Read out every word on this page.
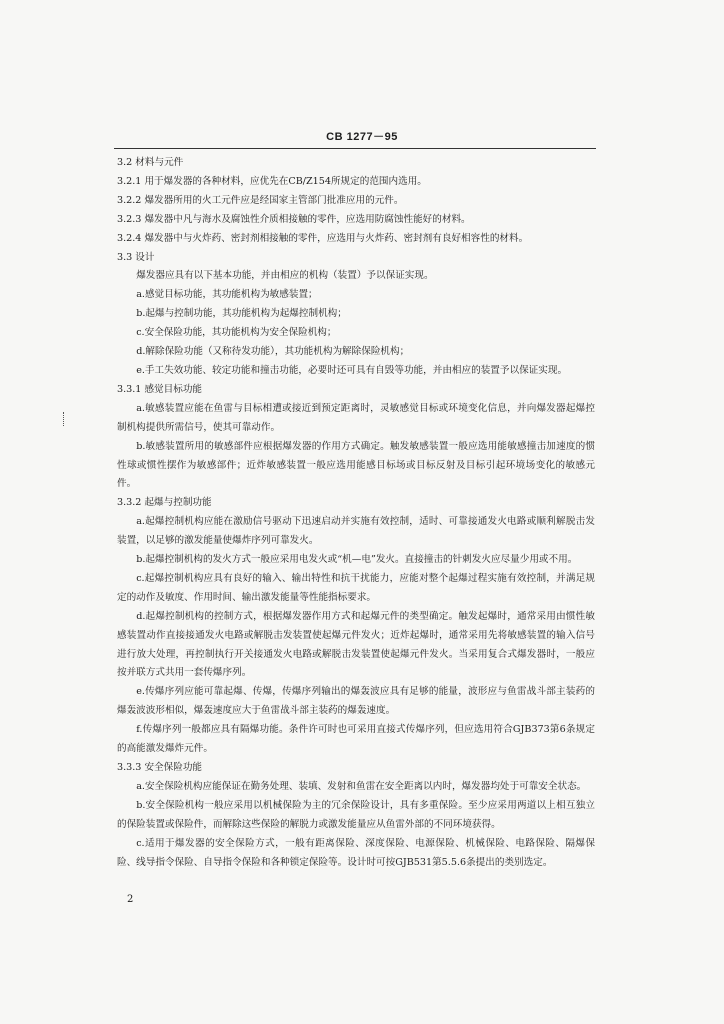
CB 1277－95

3.2 材料与元件

3.2.1 用于爆发器的各种材料，应优先在CB/Z154所规定的范围内选用。

3.2.2 爆发器所用的火工元件应是经国家主管部门批准应用的元件。

3.2.3 爆发器中凡与海水及腐蚀性介质相接触的零件，应选用防腐蚀性能好的材料。

3.2.4 爆发器中与火炸药、密封剂相接触的零件，应选用与火炸药、密封剂有良好相容性的材料。

3.3 设计

爆发器应具有以下基本功能，并由相应的机构（装置）予以保证实现。

a.感觉目标功能，其功能机构为敏感装置；

b.起爆与控制功能，其功能机构为起爆控制机构；

c.安全保险功能，其功能机构为安全保险机构；

d.解除保险功能（又称待发功能），其功能机构为解除保险机构；

e.手工失效功能、较定功能和撞击功能，必要时还可具有自毁等功能，并由相应的装置予以保证实现。

3.3.1 感觉目标功能

a.敏感装置应能在鱼雷与目标相遭或接近到预定距离时，灵敏感觉目标或环境变化信息，并向爆发器起爆控制机构提供所需信号，使其可靠动作。

b.敏感装置所用的敏感部件应根据爆发器的作用方式确定。触发敏感装置一般应选用能敏感撞击加速度的惯性球或惯性摆作为敏感部件；近炸敏感装置一般应选用能感目标场或目标反射及目标引起环境场变化的敏感元件。

3.3.2 起爆与控制功能

a.起爆控制机构应能在激励信号驱动下迅速启动并实施有效控制，适时、可靠接通发火电路或顺利解脱击发装置，以足够的激发能量使爆炸序列可靠发火。

b.起爆控制机构的发火方式一般应采用电发火或“机—电”发火。直接撞击的针刺发火应尽量少用或不用。

c.起爆控制机构应具有良好的输入、输出特性和抗干扰能力，应能对整个起爆过程实施有效控制，并满足规定的动作及敏度、作用时间、输出激发能量等性能指标要求。

d.起爆控制机构的控制方式，根据爆发器作用方式和起爆元件的类型确定。触发起爆时，通常采用由惯性敏感装置动作直接接通发火电路或解脱击发装置使起爆元件发火；近炸起爆时，通常采用先将敏感装置的输入信号进行放大处理，再控制执行开关接通发火电路或解脱击发装置使起爆元件发火。当采用复合式爆发器时，一般应按并联方式共用一套传爆序列。

e.传爆序列应能可靠起爆、传爆，传爆序列输出的爆轰波应具有足够的能量，波形应与鱼雷战斗部主装药的爆轰波波形相似，爆轰速度应大于鱼雷战斗部主装药的爆轰速度。

f.传爆序列一般都应具有隔爆功能。条件许可时也可采用直接式传爆序列，但应选用符合GJB373第6条规定的高能激发爆炸元件。

3.3.3 安全保险功能

a.安全保险机构应能保证在勤务处理、装填、发射和鱼雷在安全距离以内时，爆发器均处于可靠安全状态。

b.安全保险机构一般应采用以机械保险为主的冗余保险设计，具有多重保险。至少应采用两道以上相互独立的保险装置或保险件，而解除这些保险的解脱力或激发能量应从鱼雷外部的不同环境获得。

c.适用于爆发器的安全保险方式，一般有距离保险、深度保险、电源保险、机械保险、电路保险、隔爆保险、线导指令保险、自导指令保险和各种锁定保险等。设计时可按GJB531第5.5.6条提出的类别选定。

2
